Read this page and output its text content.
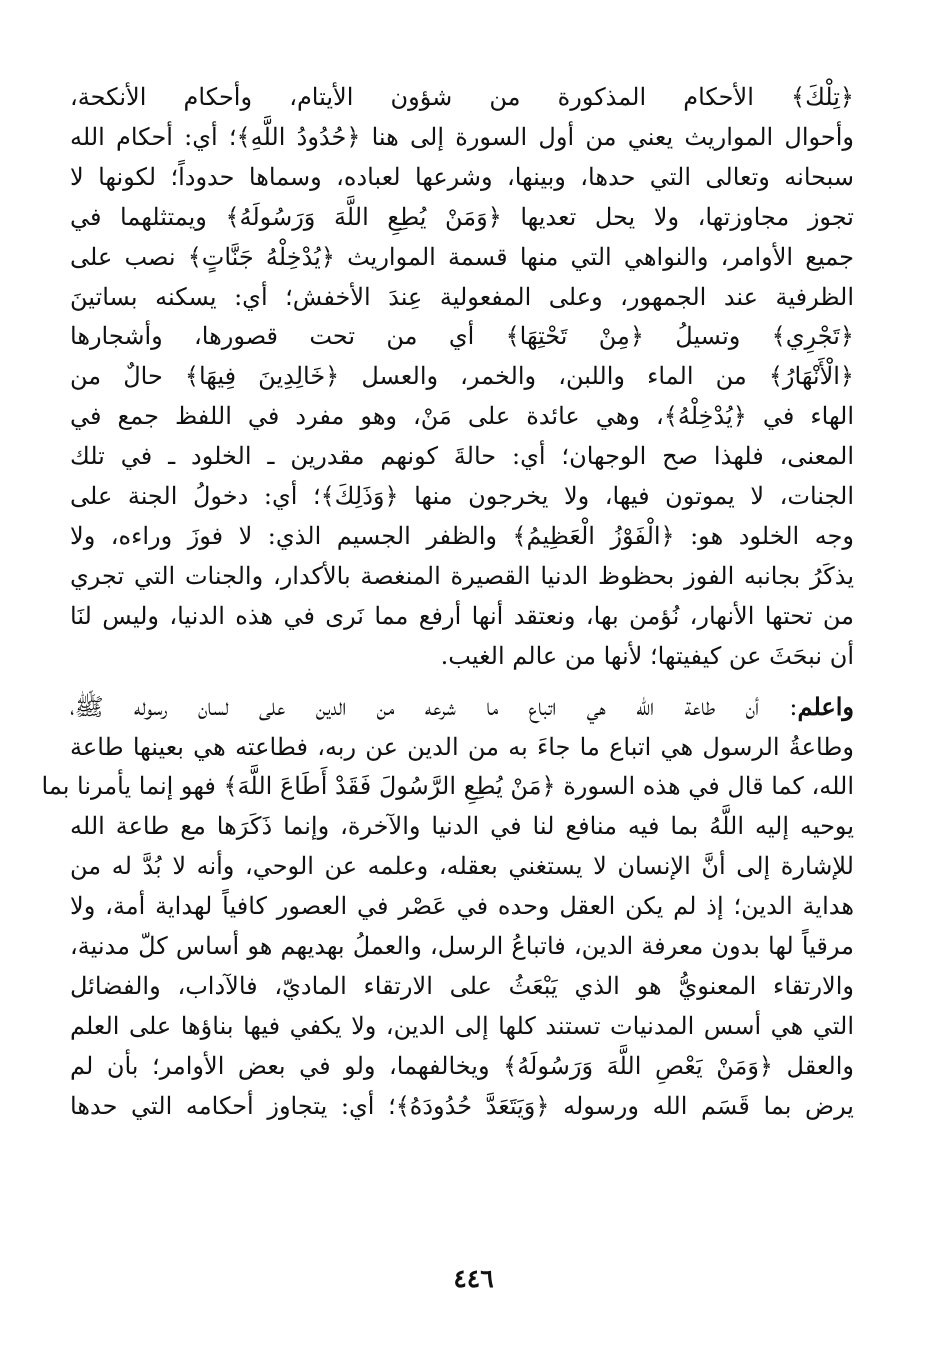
﴿تِلْكَ﴾ الأحكام المذكورة من شؤون الأيتام، وأحكام الأنكحة،
وأحوال المواريث يعني من أول السورة إلى هنا ﴿حُدُودُ اللَّهِ﴾؛ أي: أحكام الله
سبحانه وتعالى التي حدها، وبينها، وشرعها لعباده، وسماها حدوداً؛ لكونها لا
تجوز مجاوزتها، ولا يحل تعديها ﴿وَمَنْ يُطِعِ اللَّهَ وَرَسُولَهُ﴾ ويمتثلهما في
جميع الأوامر، والنواهي التي منها قسمة المواريث ﴿يُدْخِلْهُ جَنَّاتٍ﴾ نصب على
الظرفية عند الجمهور، وعلى المفعولية عِندَ الأخفش؛ أي: يسكنه بساتينَ
﴿تَجْرِي﴾ وتسيلُ ﴿مِنْ تَحْتِهَا﴾ أي من تحت قصورها، وأشجارها
﴿الْأَنْهَارُ﴾ من الماء واللبن، والخمر، والعسل ﴿خَالِدِينَ فِيهَا﴾ حالٌ من
الهاء في ﴿يُدْخِلْهُ﴾، وهي عائدة على مَنْ، وهو مفرد في اللفظ جمع في
المعنى، فلهذا صح الوجهان؛ أي: حالةَ كونهم مقدرين ـ الخلود ـ في تلك
الجنات، لا يموتون فيها، ولا يخرجون منها ﴿وَذَلِكَ﴾؛ أي: دخولُ الجنة على
وجه الخلود هو: ﴿الْفَوْزُ الْعَظِيمُ﴾ والظفر الجسيم الذي: لا فوزَ وراءه، ولا
يذكَرُ بجانبه الفوز بحظوظ الدنيا القصيرة المنغصة بالأكدار، والجنات التي تجري
من تحتها الأنهار، نُؤمن بها، ونعتقد أنها أرفع مما نَرى في هذه الدنيا، وليس لنَا
أن نبحَثَ عن كيفيتها؛ لأنها من عالم الغيب.

واعلم: أن طاعة الله هي اتباع ما شرعه من الدين على لسان رسوله ﷺ،
وطاعةُ الرسول هي اتباع ما جاءَ به من الدين عن ربه، فطاعته هي بعينها طاعة
الله، كما قال في هذه السورة ﴿مَنْ يُطِعِ الرَّسُولَ فَقَدْ أَطَاعَ اللَّهَ﴾ فهو إنما يأمرنا بما
يوحيه إليه اللَّهُ بما فيه منافع لنا في الدنيا والآخرة، وإنما ذَكَرَها مع طاعة الله
للإشارة إلى أنَّ الإنسان لا يستغني بعقله، وعلمه عن الوحي، وأنه لا بُدَّ له من
هداية الدين؛ إذ لم يكن العقل وحده في عَصْر في العصور كافياً لهداية أمة، ولا
مرقياً لها بدون معرفة الدين، فاتباعُ الرسل، والعملُ بهديهم هو أساس كلّ مدنية،
والارتقاء المعنويُّ هو الذي يَبْعَثُ على الارتقاء الماديّ، فالآداب، والفضائل
التي هي أسس المدنيات تستند كلها إلى الدين، ولا يكفي فيها بناؤها على العلم
والعقل ﴿وَمَنْ يَعْصِ اللَّهَ وَرَسُولَهُ﴾ ويخالفهما، ولو في بعض الأوامر؛ بأن لم
يرض بما قَسَم الله ورسوله ﴿وَيَتَعَدَّ حُدُودَهُ﴾؛ أي: يتجاوز أحكامه التي حدها

٤٤٦
